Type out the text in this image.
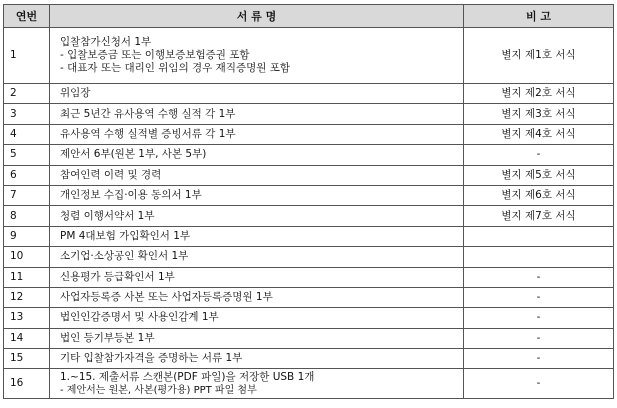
연번	서 류 명	비 고
1	입찰참가신청서 1부
- 입찰보증금 또는 이행보증보험증권 포함
- 대표자 또는 대리인 위임의 경우 재직증명원 포함	별지 제1호 서식
2	위임장	별지 제2호 서식
3	최근 5년간 유사용역 수행 실적 각 1부	별지 제3호 서식
4	유사용역 수행 실적별 증빙서류 각 1부	별지 제4호 서식
5	제안서 6부(원본 1부, 사본 5부)	-
6	참여인력 이력 및 경력	별지 제5호 서식
7	개인정보 수집·이용 동의서 1부	별지 제6호 서식
8	청렴 이행서약서 1부	별지 제7호 서식
9	PM 4대보험 가입확인서 1부	
10	소기업·소상공인 확인서 1부	
11	신용평가 등급확인서 1부	-
12	사업자등록증 사본 또는 사업자등록증명원 1부	-
13	법인인감증명서 및 사용인감계 1부	-
14	법인 등기부등본 1부	-
15	기타 입찰참가자격을 증명하는 서류 1부	-
16	1.~15. 제출서류 스캔본(PDF 파일)을 저장한 USB 1개
- 제안서는 원본, 사본(평가용) PPT 파일 첨부	-
